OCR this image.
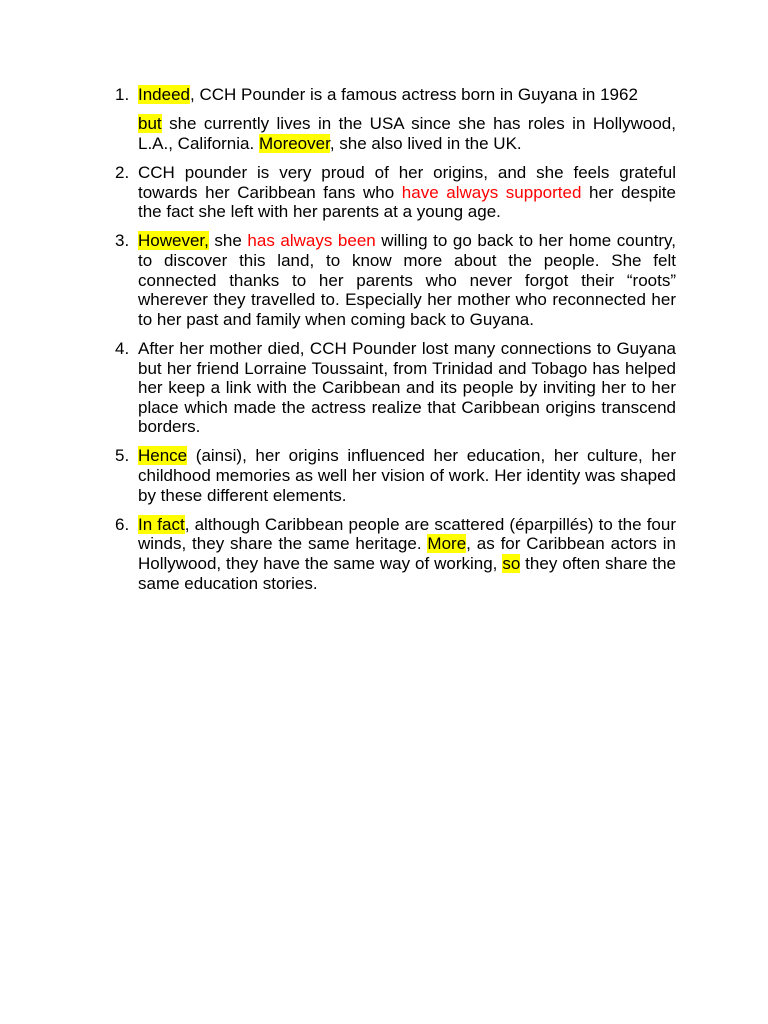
1. Indeed, CCH Pounder is a famous actress born in Guyana in 1962
but she currently lives in the USA since she has roles in Hollywood, L.A., California. Moreover, she also lived in the UK.
2. CCH pounder is very proud of her origins, and she feels grateful towards her Caribbean fans who have always supported her despite the fact she left with her parents at a young age.
3. However, she has always been willing to go back to her home country, to discover this land, to know more about the people. She felt connected thanks to her parents who never forgot their “roots” wherever they travelled to. Especially her mother who reconnected her to her past and family when coming back to Guyana.
4. After her mother died, CCH Pounder lost many connections to Guyana but her friend Lorraine Toussaint, from Trinidad and Tobago has helped her keep a link with the Caribbean and its people by inviting her to her place which made the actress realize that Caribbean origins transcend borders.
5. Hence (ainsi), her origins influenced her education, her culture, her childhood memories as well her vision of work. Her identity was shaped by these different elements.
6. In fact, although Caribbean people are scattered (éparpillés) to the four winds, they share the same heritage. More, as for Caribbean actors in Hollywood, they have the same way of working, so they often share the same education stories.
